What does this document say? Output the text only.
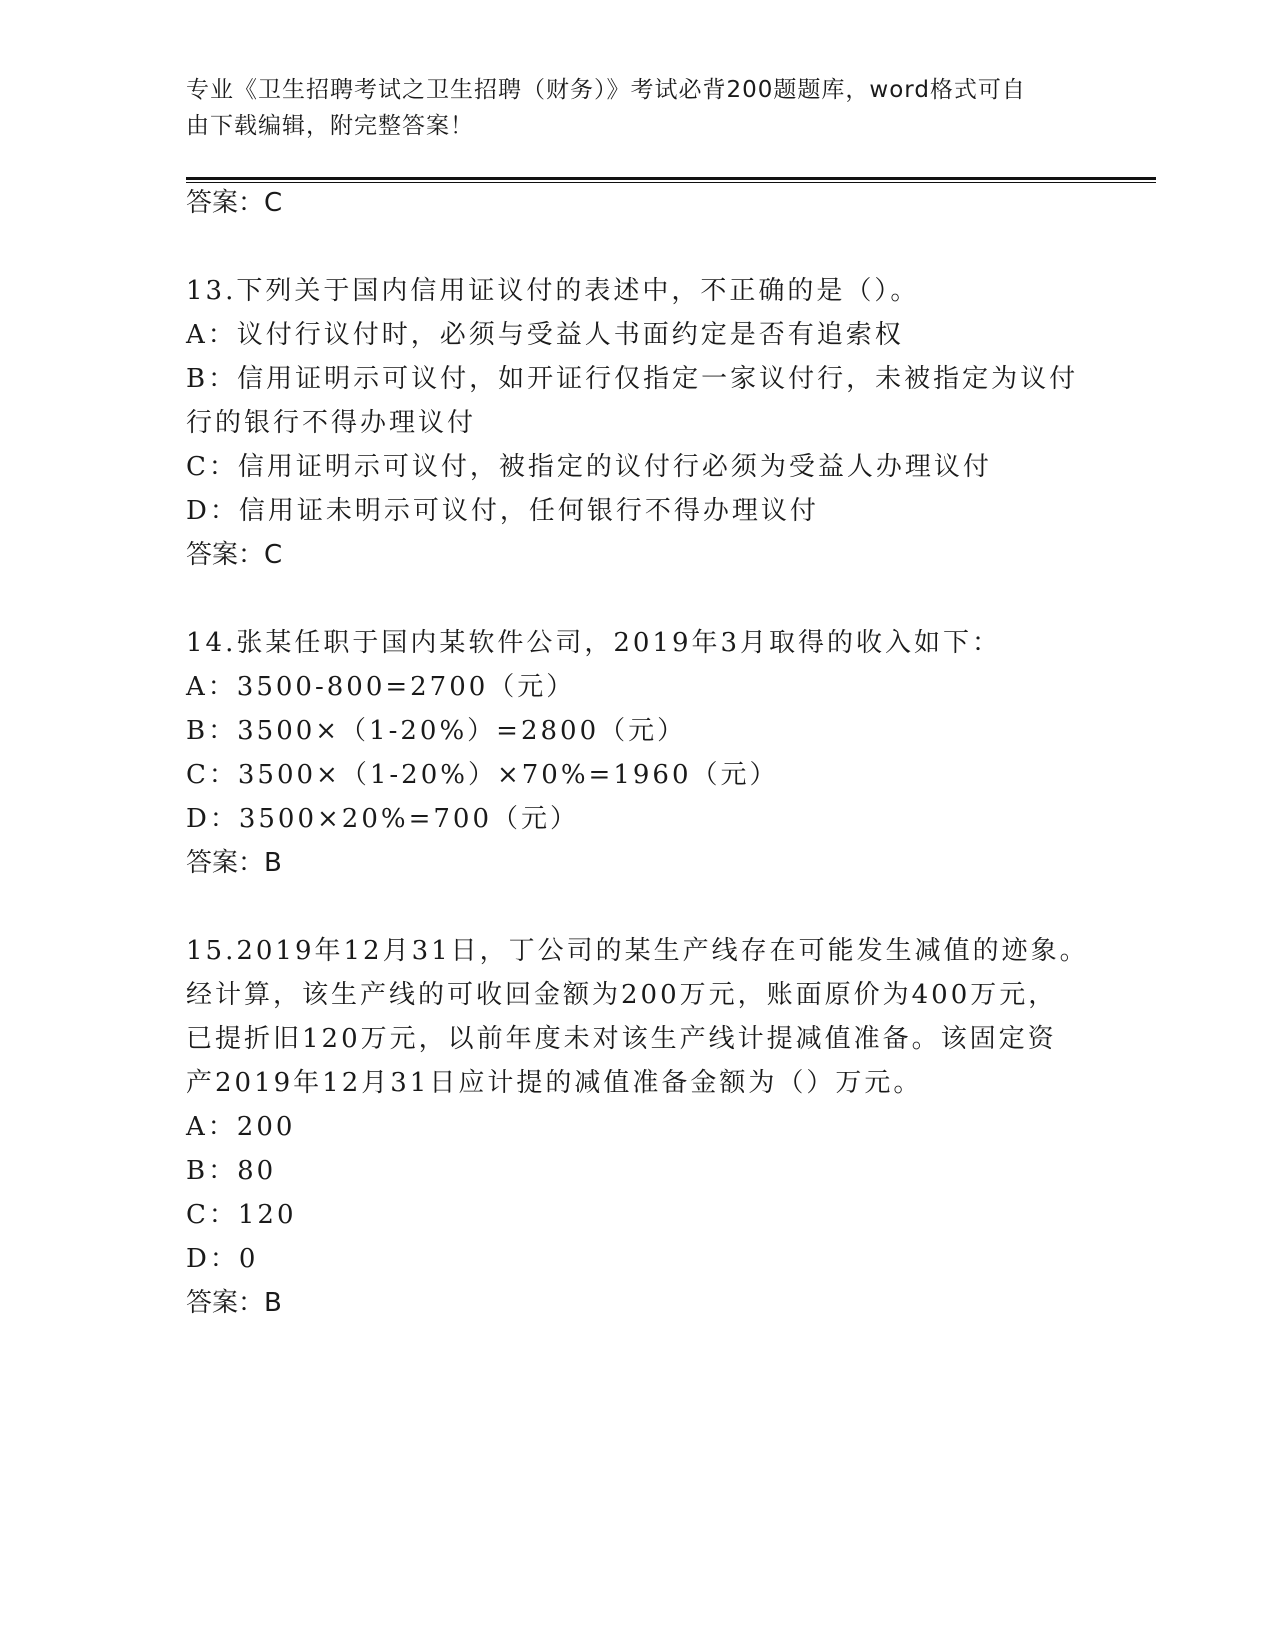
专业《卫生招聘考试之卫生招聘（财务）》考试必背200题题库，word格式可自
由下载编辑，附完整答案！
答案：C
13.下列关于国内信用证议付的表述中，不正确的是（）。
A：议付行议付时，必须与受益人书面约定是否有追索权
B：信用证明示可议付，如开证行仅指定一家议付行，未被指定为议付
行的银行不得办理议付
C：信用证明示可议付，被指定的议付行必须为受益人办理议付
D：信用证未明示可议付，任何银行不得办理议付
答案：C
14.张某任职于国内某软件公司，2019年3月取得的收入如下：
A：3500-800=2700（元）
B：3500×（1-20%）=2800（元）
C：3500×（1-20%）×70%=1960（元）
D：3500×20%=700（元）
答案：B
15.2019年12月31日，丁公司的某生产线存在可能发生减值的迹象。
经计算，该生产线的可收回金额为200万元，账面原价为400万元，
已提折旧120万元，以前年度未对该生产线计提减值准备。该固定资
产2019年12月31日应计提的减值准备金额为（）万元。
A：200
B：80
C：120
D：0
答案：B
